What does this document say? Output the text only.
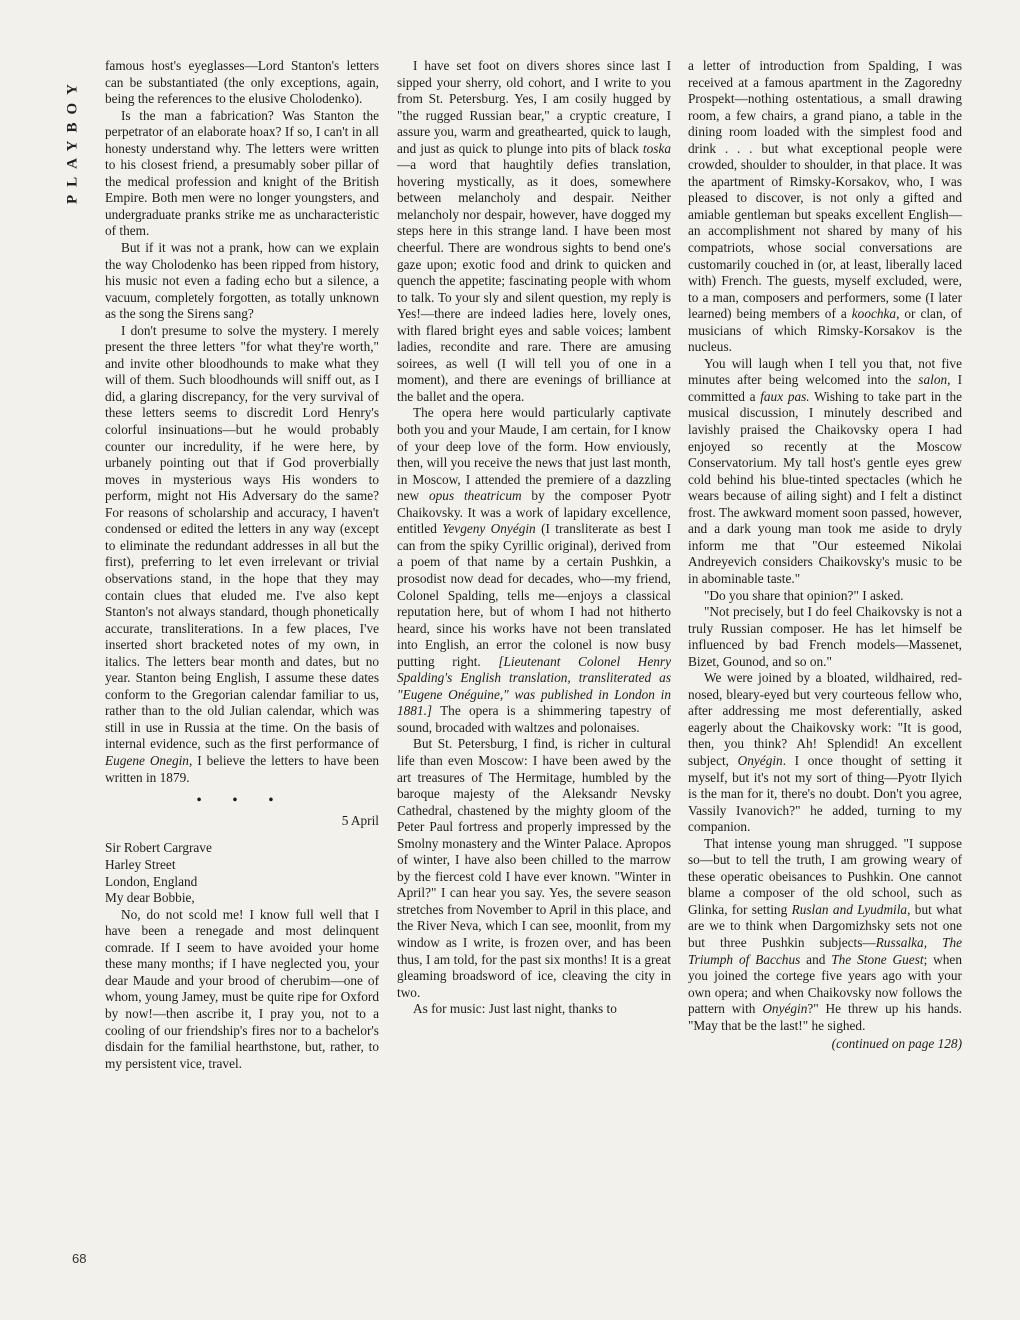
PLAYBOY
68

famous host's eyeglasses—Lord Stanton's letters can be substantiated (the only exceptions, again, being the references to the elusive Cholodenko).

Is the man a fabrication? Was Stanton the perpetrator of an elaborate hoax? If so, I can't in all honesty understand why. The letters were written to his closest friend, a presumably sober pillar of the medical profession and knight of the British Empire. Both men were no longer youngsters, and undergraduate pranks strike me as uncharacteristic of them.

But if it was not a prank, how can we explain the way Cholodenko has been ripped from history, his music not even a fading echo but a silence, a vacuum, completely forgotten, as totally unknown as the song the Sirens sang?

I don't presume to solve the mystery. I merely present the three letters "for what they're worth," and invite other bloodhounds to make what they will of them. Such bloodhounds will sniff out, as I did, a glaring discrepancy, for the very survival of these letters seems to discredit Lord Henry's colorful insinuations—but he would probably counter our incredulity, if he were here, by urbanely pointing out that if God proverbially moves in mysterious ways His wonders to perform, might not His Adversary do the same? For reasons of scholarship and accuracy, I haven't condensed or edited the letters in any way (except to eliminate the redundant addresses in all but the first), preferring to let even irrelevant or trivial observations stand, in the hope that they may contain clues that eluded me. I've also kept Stanton's not always standard, though phonetically accurate, transliterations. In a few places, I've inserted short bracketed notes of my own, in italics. The letters bear month and dates, but no year. Stanton being English, I assume these dates conform to the Gregorian calendar familiar to us, rather than to the old Julian calendar, which was still in use in Russia at the time. On the basis of internal evidence, such as the first performance of Eugene Onegin, I believe the letters to have been written in 1879.

• • •
5 April

Sir Robert Cargrave

Harley Street

London, England

My dear Bobbie,

No, do not scold me! I know full well that I have been a renegade and most delinquent comrade. If I seem to have avoided your home these many months; if I have neglected you, your dear Maude and your brood of cherubim—one of whom, young Jamey, must be quite ripe for Oxford by now!—then ascribe it, I pray you, not to a cooling of our friendship's fires nor to a bachelor's disdain for the familial hearthstone, but, rather, to my persistent vice, travel.

I have set foot on divers shores since last I sipped your sherry, old cohort, and I write to you from St. Petersburg. Yes, I am cosily hugged by "the rugged Russian bear," a cryptic creature, I assure you, warm and greathearted, quick to laugh, and just as quick to plunge into pits of black toska—a word that haughtily defies translation, hovering mystically, as it does, somewhere between melancholy and despair. Neither melancholy nor despair, however, have dogged my steps here in this strange land. I have been most cheerful. There are wondrous sights to bend one's gaze upon; exotic food and drink to quicken and quench the appetite; fascinating people with whom to talk. To your sly and silent question, my reply is Yes!—there are indeed ladies here, lovely ones, with flared bright eyes and sable voices; lambent ladies, recondite and rare. There are amusing soirees, as well (I will tell you of one in a moment), and there are evenings of brilliance at the ballet and the opera.

The opera here would particularly captivate both you and your Maude, I am certain, for I know of your deep love of the form. How enviously, then, will you receive the news that just last month, in Moscow, I attended the premiere of a dazzling new opus theatricum by the composer Pyotr Chaikovsky. It was a work of lapidary excellence, entitled Yevgeny Onyégin (I transliterate as best I can from the spiky Cyrillic original), derived from a poem of that name by a certain Pushkin, a prosodist now dead for decades, who—my friend, Colonel Spalding, tells me—enjoys a classical reputation here, but of whom I had not hitherto heard, since his works have not been translated into English, an error the colonel is now busy putting right. [Lieutenant Colonel Henry Spalding's English translation, transliterated as "Eugene Onéguine," was published in London in 1881.] The opera is a shimmering tapestry of sound, brocaded with waltzes and polonaises.

But St. Petersburg, I find, is richer in cultural life than even Moscow: I have been awed by the art treasures of The Hermitage, humbled by the baroque majesty of the Aleksandr Nevsky Cathedral, chastened by the mighty gloom of the Peter Paul fortress and properly impressed by the Smolny monastery and the Winter Palace. Apropos of winter, I have also been chilled to the marrow by the fiercest cold I have ever known. "Winter in April?" I can hear you say. Yes, the severe season stretches from November to April in this place, and the River Neva, which I can see, moonlit, from my window as I write, is frozen over, and has been thus, I am told, for the past six months! It is a great gleaming broadsword of ice, cleaving the city in two.

As for music: Just last night, thanks to

a letter of introduction from Spalding, I was received at a famous apartment in the Zagoredny Prospekt—nothing ostentatious, a small drawing room, a few chairs, a grand piano, a table in the dining room loaded with the simplest food and drink . . . but what exceptional people were crowded, shoulder to shoulder, in that place. It was the apartment of Rimsky-Korsakov, who, I was pleased to discover, is not only a gifted and amiable gentleman but speaks excellent English—an accomplishment not shared by many of his compatriots, whose social conversations are customarily couched in (or, at least, liberally laced with) French. The guests, myself excluded, were, to a man, composers and performers, some (I later learned) being members of a koochka, or clan, of musicians of which Rimsky-Korsakov is the nucleus.

You will laugh when I tell you that, not five minutes after being welcomed into the salon, I committed a faux pas. Wishing to take part in the musical discussion, I minutely described and lavishly praised the Chaikovsky opera I had enjoyed so recently at the Moscow Conservatorium. My tall host's gentle eyes grew cold behind his blue-tinted spectacles (which he wears because of ailing sight) and I felt a distinct frost. The awkward moment soon passed, however, and a dark young man took me aside to dryly inform me that "Our esteemed Nikolai Andreyevich considers Chaikovsky's music to be in abominable taste."

"Do you share that opinion?" I asked.

"Not precisely, but I do feel Chaikovsky is not a truly Russian composer. He has let himself be influenced by bad French models—Massenet, Bizet, Gounod, and so on."

We were joined by a bloated, wildhaired, red-nosed, bleary-eyed but very courteous fellow who, after addressing me most deferentially, asked eagerly about the Chaikovsky work: "It is good, then, you think? Ah! Splendid! An excellent subject, Onyégin. I once thought of setting it myself, but it's not my sort of thing—Pyotr Ilyich is the man for it, there's no doubt. Don't you agree, Vassily Ivanovich?" he added, turning to my companion.

That intense young man shrugged. "I suppose so—but to tell the truth, I am growing weary of these operatic obeisances to Pushkin. One cannot blame a composer of the old school, such as Glinka, for setting Ruslan and Lyudmila, but what are we to think when Dargomizhsky sets not one but three Pushkin subjects—Russalka, The Triumph of Bacchus and The Stone Guest; when you joined the cortege five years ago with your own opera; and when Chaikovsky now follows the pattern with Onyégin?" He threw up his hands. "May that be the last!" he sighed.

(continued on page 128)
